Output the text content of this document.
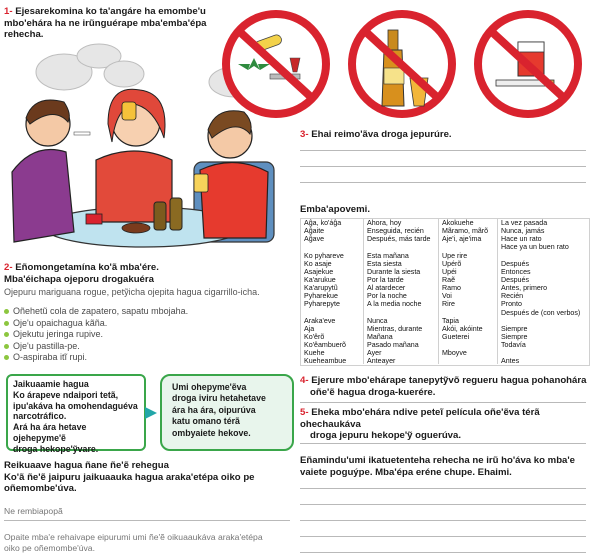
1- Ejesarekomina ko ta'angáre ha emombe'u
mbo'ehára ha ne irũnguérape mba'emba'épa
rehecha.
3- Ehai reimo'ãva droga jepurúre.
Emba'apovemi.
Aĝa, ko'áĝa
Aĝaite
Aĝave
Ko pyhareve
Ko asaje
Asajekue
Ka'arukue
Ka'arupytũ
Pyharekue
Pyharepyte
Araka'eve
Aja
Ko'êrõ
Ko'êambuerõ
Kuehe
Kueheambue
Ahora, hoy
Enseguida, recién
Después, más tarde
Esta mañana
Esta siesta
Durante la siesta
Por la tarde
Al atardecer
Por la noche
A la media noche
Nunca
Mientras, durante
Mañana
Pasado mañana
Ayer
Anteayer
Akokuehe
Mãramo, mãrõ
Aje'i, aje'ima
Upe rire
Upérõ
Upéi
Raẽ
Ramo
Voi
Rire
Tapia
Akói, akóinte
Gueterei
Mboyve
La vez pasada
Nunca, jamás
Hace un rato
Hace ya un buen rato
Después
Entonces
Después
Antes, primero
Recién
Pronto
Después de (con verbos)
Siempre
Siempre
Todavía
Antes
2- Eñomongetamína ko'ã mba'ére.
Mba'éichapa ojeporu drogakuéra
Ojepuru mariguana rogue, petỹicha ojepita hagua cigarrillo-icha.
Oñehetũ cola de zapatero, sapatu mbojaha.
Oje'u opaichagua kãña.
Ojekutu jeringa rupive.
Oje'u pastilla-pe.
O-aspiraba itĩ rupi.
4- Ejerure mbo'ehárape tanepytỹvõ regueru hagua pohanohára
oñe'ẽ hagua droga-kuerére.
Jaikuaamie hagua
Ko árapeve ndaipori tetã,
ipu'akáva ha omohendaguéva
narcotráfico.
Ará ha ára hetave ojehepyme'ẽ
droga hekope'ỹvare.
Umi ohepyme'ẽva
droga iviru hetahetave
ára ha ára, oipurúva
katu omano térã
ombyaiete hekove.
5- Eheka mbo'ehára ndive peteĩ película oñe'ẽva térã ohechaukáva
droga jepuru hekope'ỹ oguerúva.
Eñamindu'umi ikatuetenteha rehecha ne irũ ho'áva ko mba'e
vaiete poguýpe. Mba'épa eréne chupe. Ehaimi.
Reikuaave hagua ñane ñe'ẽ rehegua
Ko'ã ñe'ẽ jaipuru jaikuaauka hagua araka'etépa oiko pe
oñemombe'úva.
Ne rembiapopã
Opaite mba'e rehaivape eipurumi umi ñe'ẽ oikuaaukáva araka'etépa
oiko pe oñemombe'úva.
